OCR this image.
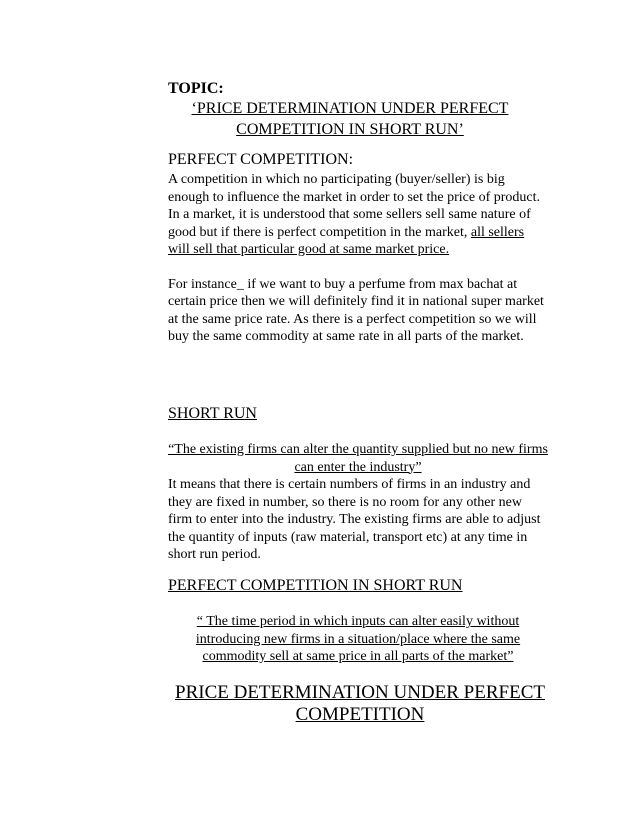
TOPIC:
‘PRICE DETERMINATION UNDER PERFECT
COMPETITION IN SHORT RUN’
PERFECT COMPETITION:

A competition in which no participating (buyer/seller) is big enough to influence the market in order to set the price of product.

In a market, it is understood that some sellers sell same nature of good but if there is perfect competition in the market, all sellers will sell that particular good at same market price.

For instance_ if we want to buy a perfume from max bachat at certain price then we will definitely find it in national super market at the same price rate. As there is a perfect competition so we will buy the same commodity at same rate in all parts of the market.

SHORT RUN

“The existing firms can alter the quantity supplied but no new firms can enter the industry”

It means that there is certain numbers of firms in an industry and they are fixed in number, so there is no room for any other new firm to enter into the industry. The existing firms are able to adjust the quantity of inputs (raw material, transport etc) at any time in short run period.

PERFECT COMPETITION IN SHORT RUN

“ The time period in which inputs can alter easily without introducing new firms in a situation/place where the same commodity sell at same price in all parts of the market”

PRICE DETERMINATION UNDER PERFECT
COMPETITION
